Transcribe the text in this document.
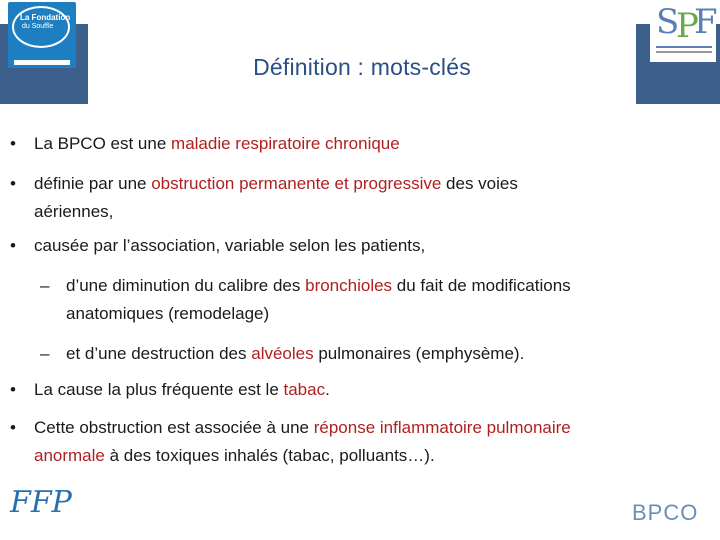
Définition : mots-clés
La Fondation
du Souffle	S
P
F
• La BPCO est une maladie respiratoire chronique
• définie par une obstruction permanente et progressive des voies
aériennes,
• causée par l’association, variable selon les patients,
– d’une diminution du calibre des bronchioles du fait de modifications
anatomiques (remodelage)
– et d’une destruction des alvéoles pulmonaires (emphysème).
• La cause la plus fréquente est le tabac.
• Cette obstruction est associée à une réponse inflammatoire pulmonaire
anormale à des toxiques inhalés (tabac, polluants…).
FFP	BPCO
